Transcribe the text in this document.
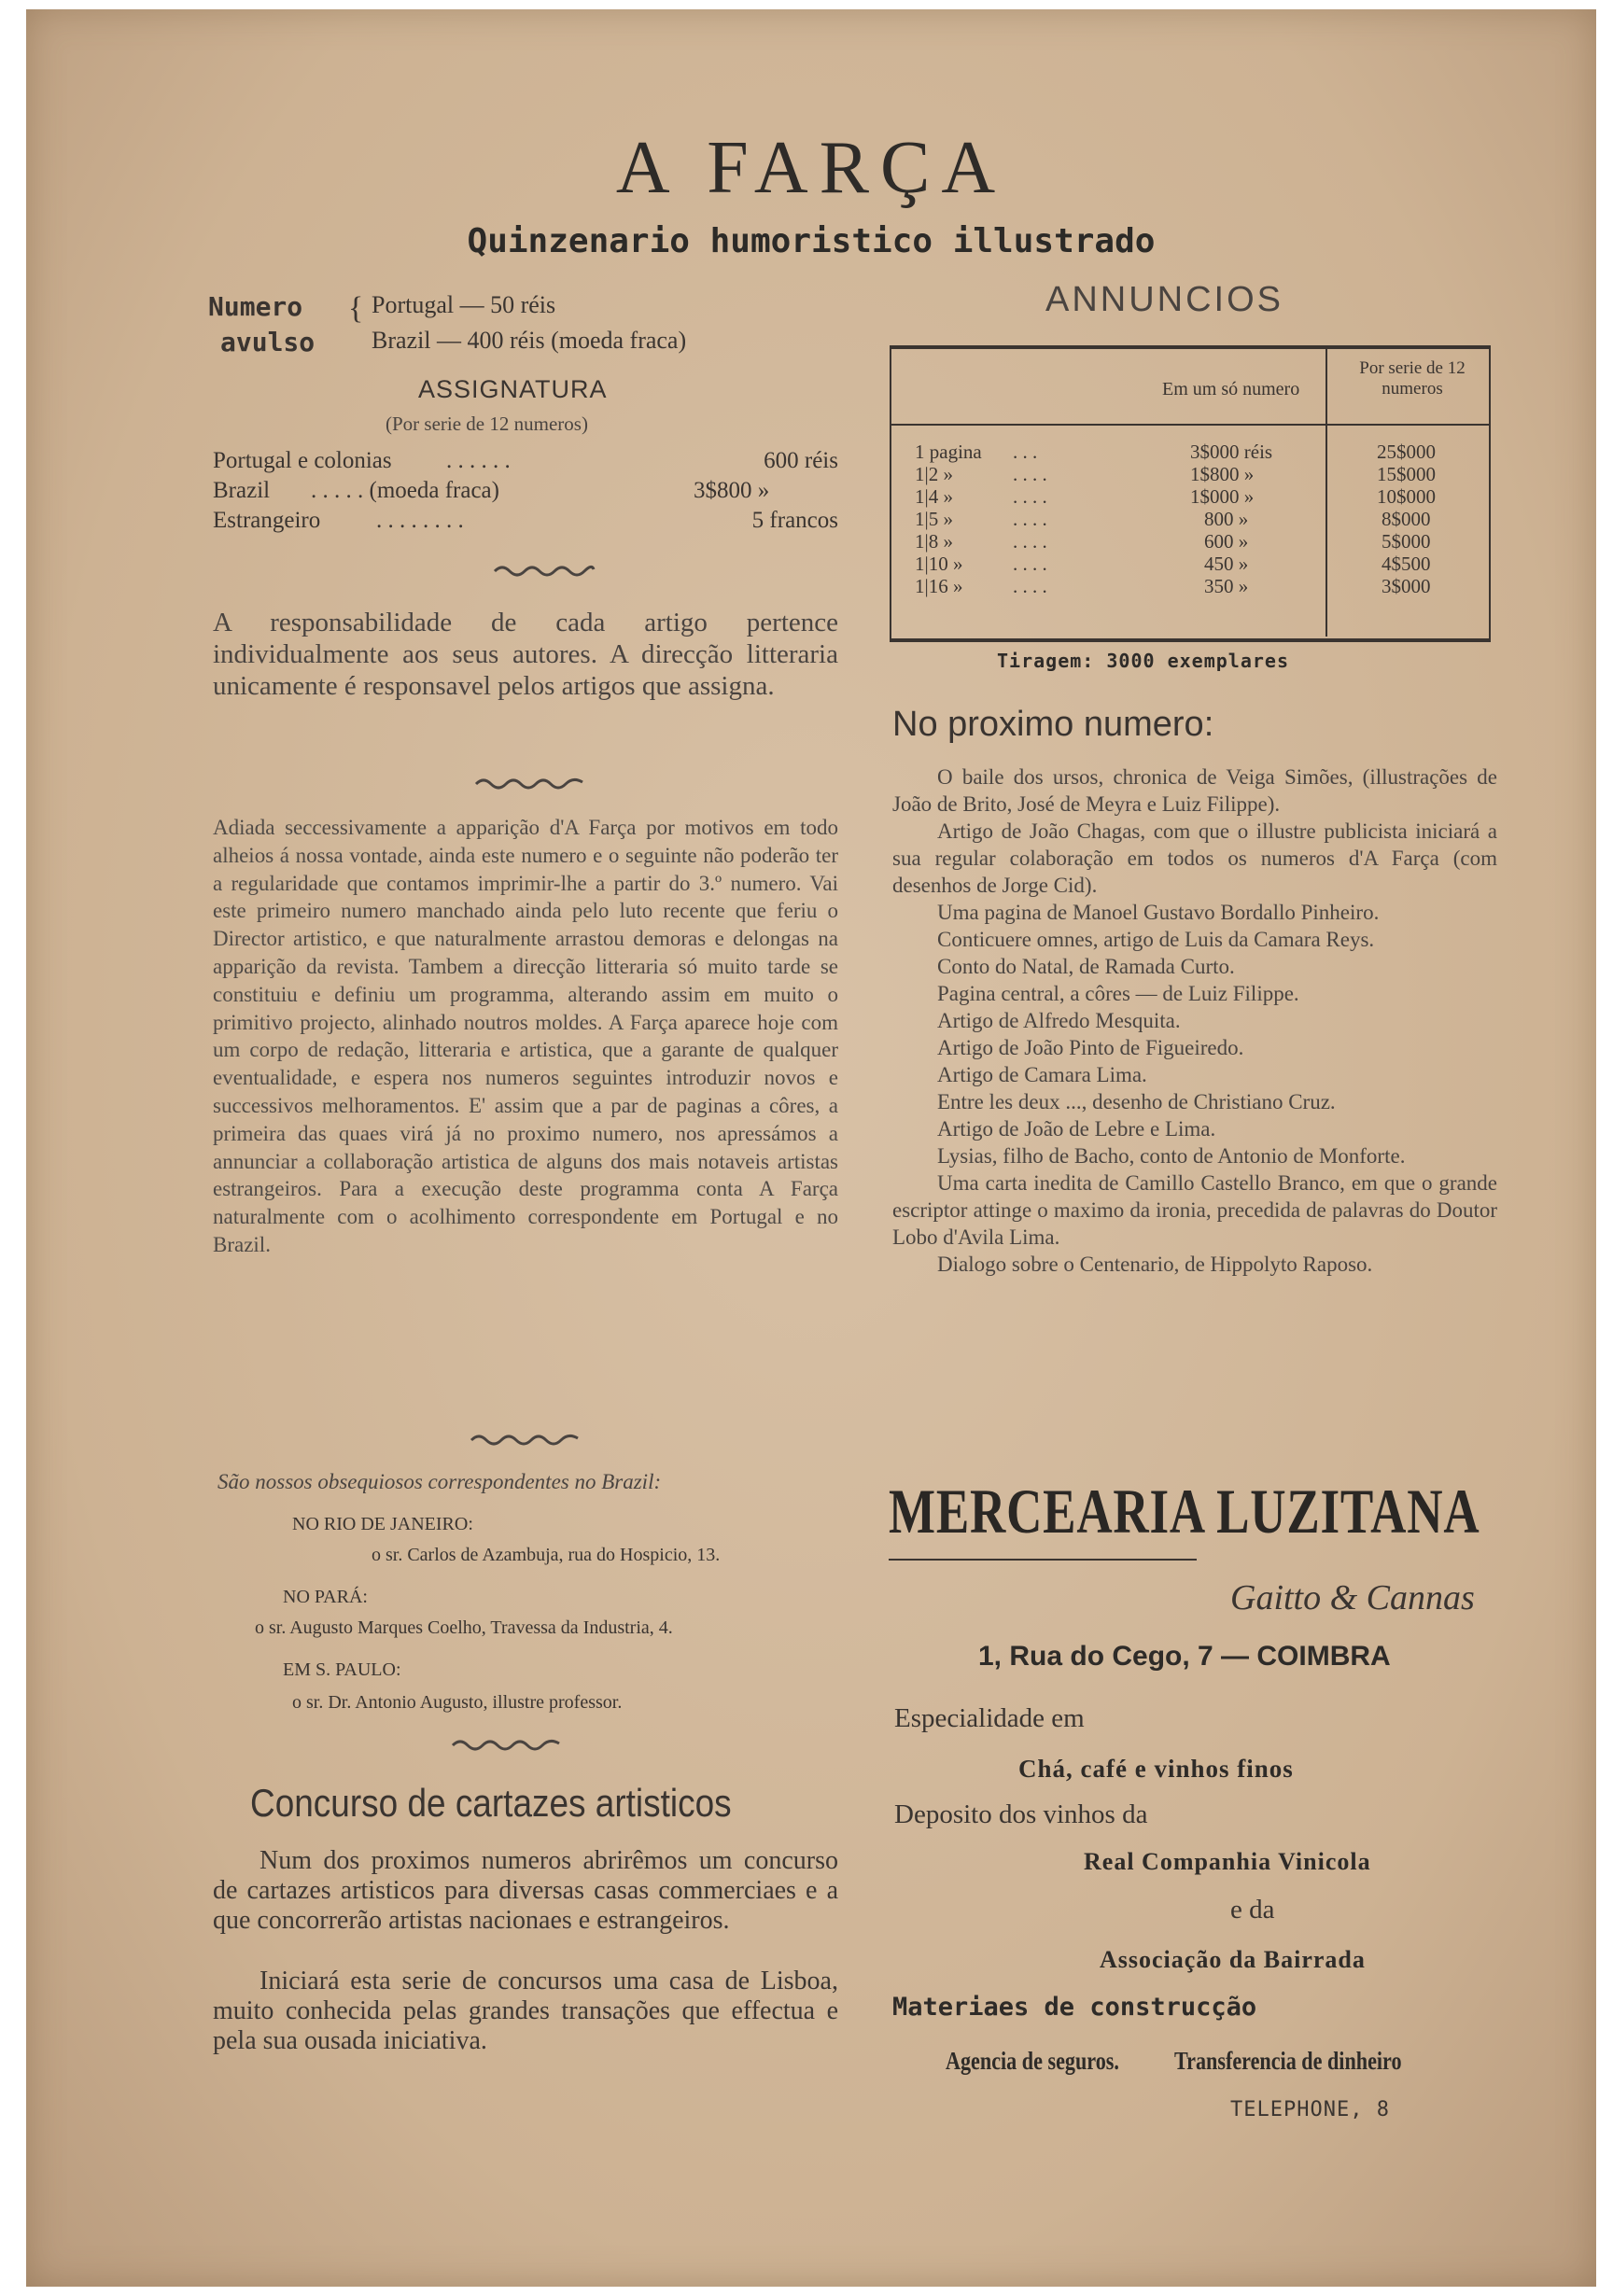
A FARÇA
Quinzenario humoristico illustrado
Numero
avulso
{ Portugal — 50 réis
Brazil — 400 réis (moeda fraca)
ASSIGNATURA
(Por serie de 12 numeros)
Portugal e colonias . . . . . .	600 réis
Brazil . . . . . (moeda fraca)	3$800 »
Estrangeiro . . . . . . . .	5 francos
A responsabilidade de cada artigo pertence individualmente aos seus autores. A direcção litteraria unicamente é responsavel pelos artigos que assigna.
Adiada seccessivamente a apparição d'A Farça por motivos em todo alheios á nossa vontade, ainda este numero e o seguinte não poderão ter a regularidade que contamos imprimir-lhe a partir do 3.º numero. Vai este primeiro numero manchado ainda pelo luto recente que feriu o Director artistico, e que naturalmente arrastou demoras e delongas na apparição da revista. Tambem a direcção litteraria só muito tarde se constituiu e definiu um programma, alterando assim em muito o primitivo projecto, alinhado noutros moldes. A Farça aparece hoje com um corpo de redação, litteraria e artistica, que a garante de qualquer eventualidade, e espera nos numeros seguintes introduzir novos e successivos melhoramentos. E' assim que a par de paginas a côres, a primeira das quaes virá já no proximo numero, nos apressámos a annunciar a collaboração artistica de alguns dos mais notaveis artistas estrangeiros. Para a execução deste programma conta A Farça naturalmente com o acolhimento correspondente em Portugal e no Brazil.
São nossos obsequiosos correspondentes no Brazil:
NO RIO DE JANEIRO:
o sr. Carlos de Azambuja, rua do Hospicio, 13.
NO PARÁ:
o sr. Augusto Marques Coelho, Travessa da Industria, 4.
EM S. PAULO:
o sr. Dr. Antonio Augusto, illustre professor.
Concurso de cartazes artisticos
Num dos proximos numeros abrirêmos um concurso de cartazes artisticos para diversas casas commerciaes e a que concorrerão artistas nacionaes e estrangeiros.
Iniciará esta serie de concursos uma casa de Lisboa, muito conhecida pelas grandes transações que effectua e pela sua ousada iniciativa.
ANNUNCIOS
Em um só numero
Por serie de 12 numeros
1 pagina . . .	3$000 réis	25$000
1|2 »	. . . .	1$800 »	15$000
1|4 »	. . . .	1$000 »	10$000
1|5 »	. . . .	800 »	8$000
1|8 »	. . . .	600 »	5$000
1|10 »	. . . .	450 »	4$500
1|16 »	. . . .	350 »	3$000
Tiragem: 3000 exemplares
No proximo numero:
O baile dos ursos, chronica de Veiga Simões, (illustrações de João de Brito, José de Meyra e Luiz Filippe).
Artigo de João Chagas, com que o illustre publicista iniciará a sua regular colaboração em todos os numeros d'A Farça (com desenhos de Jorge Cid).
Uma pagina de Manoel Gustavo Bordallo Pinheiro.
Conticuere omnes, artigo de Luis da Camara Reys.
Conto do Natal, de Ramada Curto.
Pagina central, a côres — de Luiz Filippe.
Artigo de Alfredo Mesquita.
Artigo de João Pinto de Figueiredo.
Artigo de Camara Lima.
Entre les deux ..., desenho de Christiano Cruz.
Artigo de João de Lebre e Lima.
Lysias, filho de Bacho, conto de Antonio de Monforte.
Uma carta inedita de Camillo Castello Branco, em que o grande escriptor attinge o maximo da ironia, precedida de palavras do Doutor Lobo d'Avila Lima.
Dialogo sobre o Centenario, de Hippolyto Raposo.
MERCEARIA LUZITANA
Gaitto & Cannas
1, Rua do Cego, 7 — COIMBRA
Especialidade em
Chá, café e vinhos finos
Deposito dos vinhos da
Real Companhia Vinicola
e da
Associação da Bairrada
Materiaes de construcção
Agencia de seguros. Transferencia de dinheiro
TELEPHONE, 8
